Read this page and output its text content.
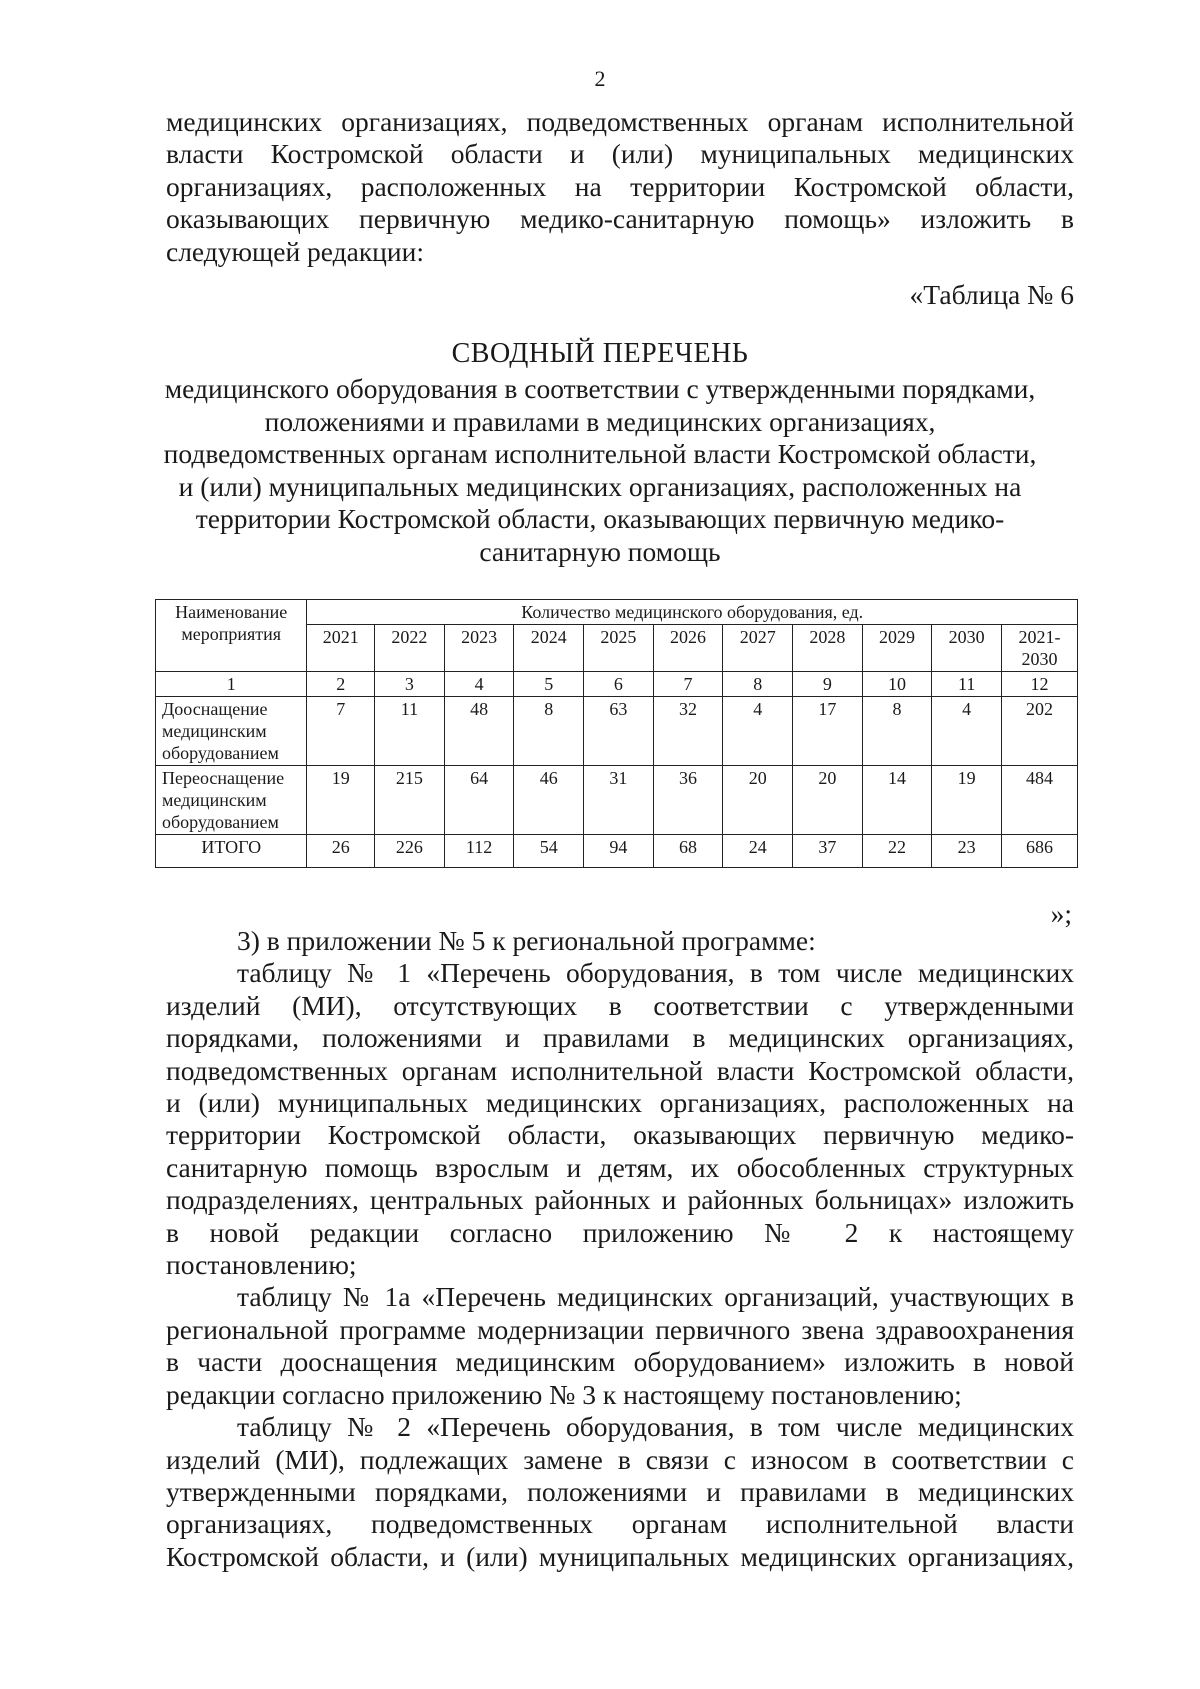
2

медицинских организациях, подведомственных органам исполнительной

власти Костромской области и (или) муниципальных медицинских

организациях, расположенных на территории Костромской области,

оказывающих первичную медико-санитарную помощь» изложить в

следующей редакции:

«Таблица № 6
СВОДНЫЙ ПЕРЕЧЕНЬ
медицинского оборудования в соответствии с утвержденными порядками,
положениями и правилами в медицинских организациях,
подведомственных органам исполнительной власти Костромской области,
и (или) муниципальных медицинских организациях, расположенных на
территории Костромской области, оказывающих первичную медико-
санитарную помощь
Наименование мероприятия	Количество медицинского оборудования, ед.										
	2021	2022	2023	2024	2025	2026	2027	2028	2029	2030	2021-2030
1	2	3	4	5	6	7	8	9	10	11	12
Дооснащение медицинским оборудованием	7	11	48	8	63	32	4	17	8	4	202
Переоснащение медицинским оборудованием	19	215	64	46	31	36	20	20	14	19	484
ИТОГО	26	226	112	54	94	68	24	37	22	23	686
»;

3) в приложении № 5 к региональной программе:

таблицу № 1 «Перечень оборудования, в том числе медицинских

изделий (МИ), отсутствующих в соответствии с утвержденными

порядками, положениями и правилами в медицинских организациях,

подведомственных органам исполнительной власти Костромской области,

и (или) муниципальных медицинских организациях, расположенных на

территории Костромской области, оказывающих первичную медико-

санитарную помощь взрослым и детям, их обособленных структурных

подразделениях, центральных районных и районных больницах» изложить

в новой редакции согласно приложению № 2 к настоящему

постановлению;

таблицу № 1а «Перечень медицинских организаций, участвующих в

региональной программе модернизации первичного звена здравоохранения

в части дооснащения медицинским оборудованием» изложить в новой

редакции согласно приложению № 3 к настоящему постановлению;

таблицу № 2 «Перечень оборудования, в том числе медицинских

изделий (МИ), подлежащих замене в связи с износом в соответствии с

утвержденными порядками, положениями и правилами в медицинских

организациях, подведомственных органам исполнительной власти

Костромской области, и (или) муниципальных медицинских организациях,
